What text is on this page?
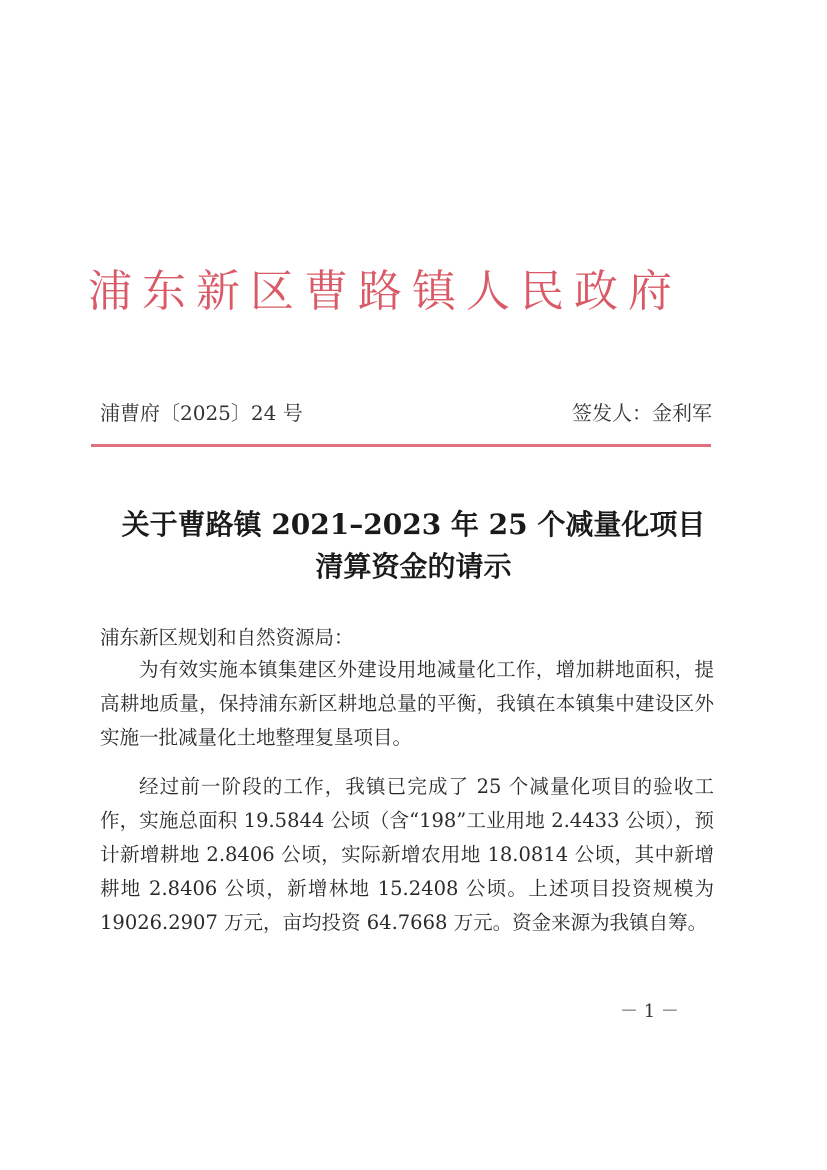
浦东新区曹路镇人民政府
浦曹府〔2025〕24 号	签发人：金利军
关于曹路镇 2021–2023 年 25 个减量化项目
清算资金的请示
浦东新区规划和自然资源局：
为有效实施本镇集建区外建设用地减量化工作，增加耕地面积，提高耕地质量，保持浦东新区耕地总量的平衡，我镇在本镇集中建设区外实施一批减量化土地整理复垦项目。
经过前一阶段的工作，我镇已完成了 25 个减量化项目的验收工作，实施总面积 19.5844 公顷（含“198”工业用地 2.4433 公顷），预计新增耕地 2.8406 公顷，实际新增农用地 18.0814 公顷，其中新增耕地 2.8406 公顷，新增林地 15.2408 公顷。上述项目投资规模为 19026.2907 万元，亩均投资 64.7668 万元。资金来源为我镇自筹。
－ 1 －
